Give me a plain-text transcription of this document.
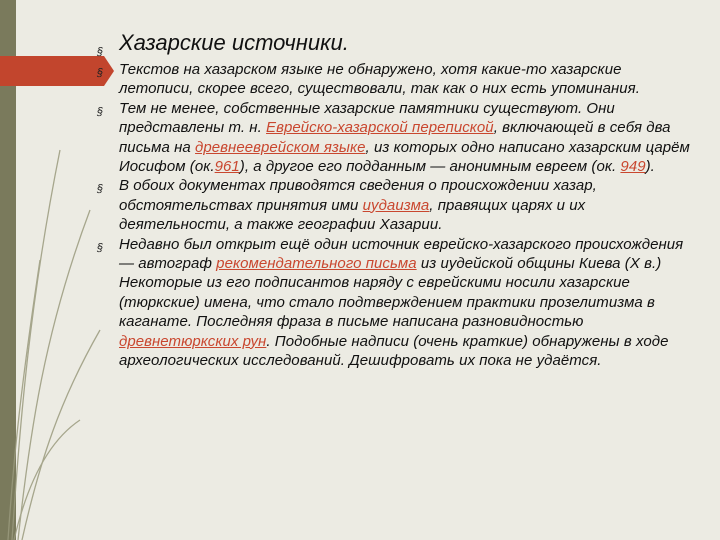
§ Хазарские источники.

§ Текстов на хазарском языке не обнаружено, хотя какие-то хазарские летописи, скорее всего, существовали, так как о них есть упоминания.

§ Тем не менее, собственные хазарские памятники существуют. Они представлены т. н. Еврейско-хазарской перепиской, включающей в себя два письма на древнееврейском языке, из которых одно написано хазарским царём Иосифом (ок.961), а другое его подданным — анонимным евреем (ок. 949).

§ В обоих документах приводятся сведения о происхождении хазар, обстоятельствах принятия ими иудаизма, правящих царях и их деятельности, а также географии Хазарии.

§ Недавно был открыт ещё один источник еврейско-хазарского происхождения — автограф рекомендательного письма из иудейской общины Киева (X в.) Некоторые из его подписантов наряду с еврейскими носили хазарские (тюркские) имена, что стало подтверждением практики прозелитизма в каганате. Последняя фраза в письме написана разновидностью древнетюркских рун. Подобные надписи (очень краткие) обнаружены в ходе археологических исследований. Дешифровать их пока не удаётся.
